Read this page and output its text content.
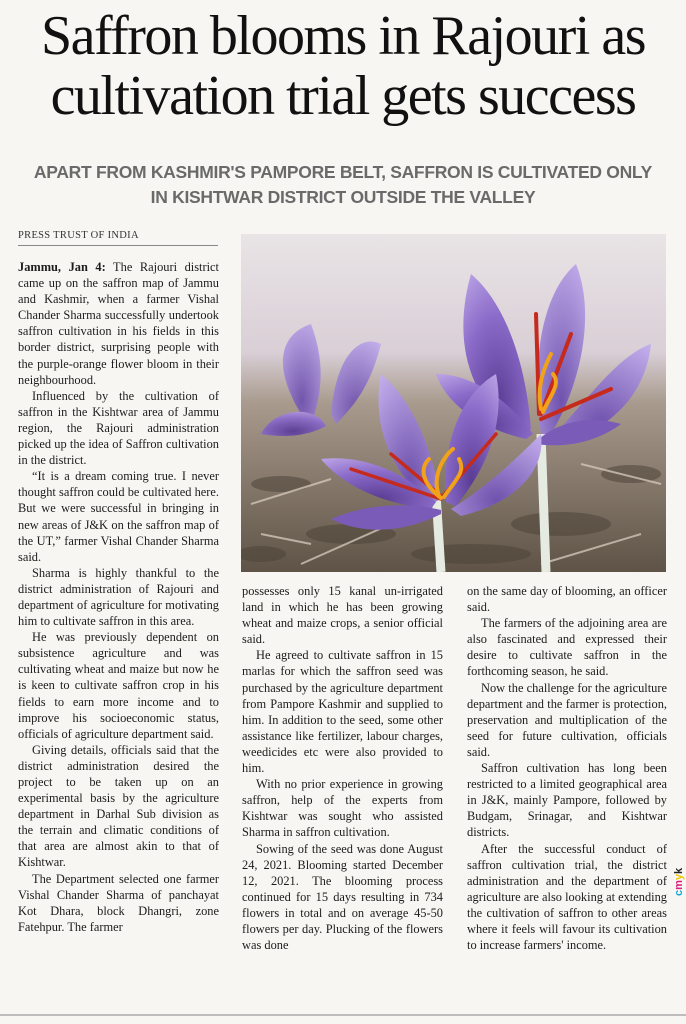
Saffron blooms in Rajouri as
cultivation trial gets success
APART FROM KASHMIR'S PAMPORE BELT, SAFFRON IS CULTIVATED ONLY
IN KISHTWAR DISTRICT OUTSIDE THE VALLEY
PRESS TRUST OF INDIA

Jammu, Jan 4: The Rajouri district came up on the saffron map of Jammu and Kashmir, when a farmer Vishal Chander Sharma successfully undertook saffron cultivation in his fields in this border district, surprising people with the purple-orange flower bloom in their neighbourhood.

Influenced by the cultivation of saffron in the Kishtwar area of Jammu region, the Rajouri administration picked up the idea of Saffron cultivation in the district.

“It is a dream coming true. I never thought saffron could be cultivated here. But we were successful in bringing in new areas of J&K on the saffron map of the UT,” farmer Vishal Chander Sharma said.

Sharma is highly thankful to the district administration of Rajouri and department of agriculture for motivating him to cultivate saffron in this area.

He was previously dependent on subsistence agriculture and was cultivating wheat and maize but now he is keen to cultivate saffron crop in his fields to earn more income and to improve his socioeconomic status, officials of agriculture department said.

Giving details, officials said that the district administration desired the project to be taken up on an experimental basis by the agriculture department in Darhal Sub division as the terrain and climatic conditions of that area are almost akin to that of Kishtwar.

The Department selected one farmer Vishal Chander Sharma of panchayat Kot Dhara, block Dhangri, zone Fatehpur. The farmer

possesses only 15 kanal un-irrigated land in which he has been growing wheat and maize crops, a senior official said.

He agreed to cultivate saffron in 15 marlas for which the saffron seed was purchased by the agriculture department from Pampore Kashmir and supplied to him. In addition to the seed, some other assistance like fertilizer, labour charges, weedicides etc were also provided to him.

With no prior experience in growing saffron, help of the experts from Kishtwar was sought who assisted Sharma in saffron cultivation.

Sowing of the seed was done August 24, 2021. Blooming started December 12, 2021. The blooming process continued for 15 days resulting in 734 flowers in total and on average 45-50 flowers per day. Plucking of the flowers was done

on the same day of blooming, an officer said.

The farmers of the adjoining area are also fascinated and expressed their desire to cultivate saffron in the forthcoming season, he said.

Now the challenge for the agriculture department and the farmer is protection, preservation and multiplication of the seed for future cultivation, officials said.

Saffron cultivation has long been restricted to a limited geographical area in J&K, mainly Pampore, followed by Budgam, Srinagar, and Kishtwar districts.

After the successful conduct of saffron cultivation trial, the district administration and the department of agriculture are also looking at extending the cultivation of saffron to other areas where it feels will favour its cultivation to increase farmers' income.

cmyk
